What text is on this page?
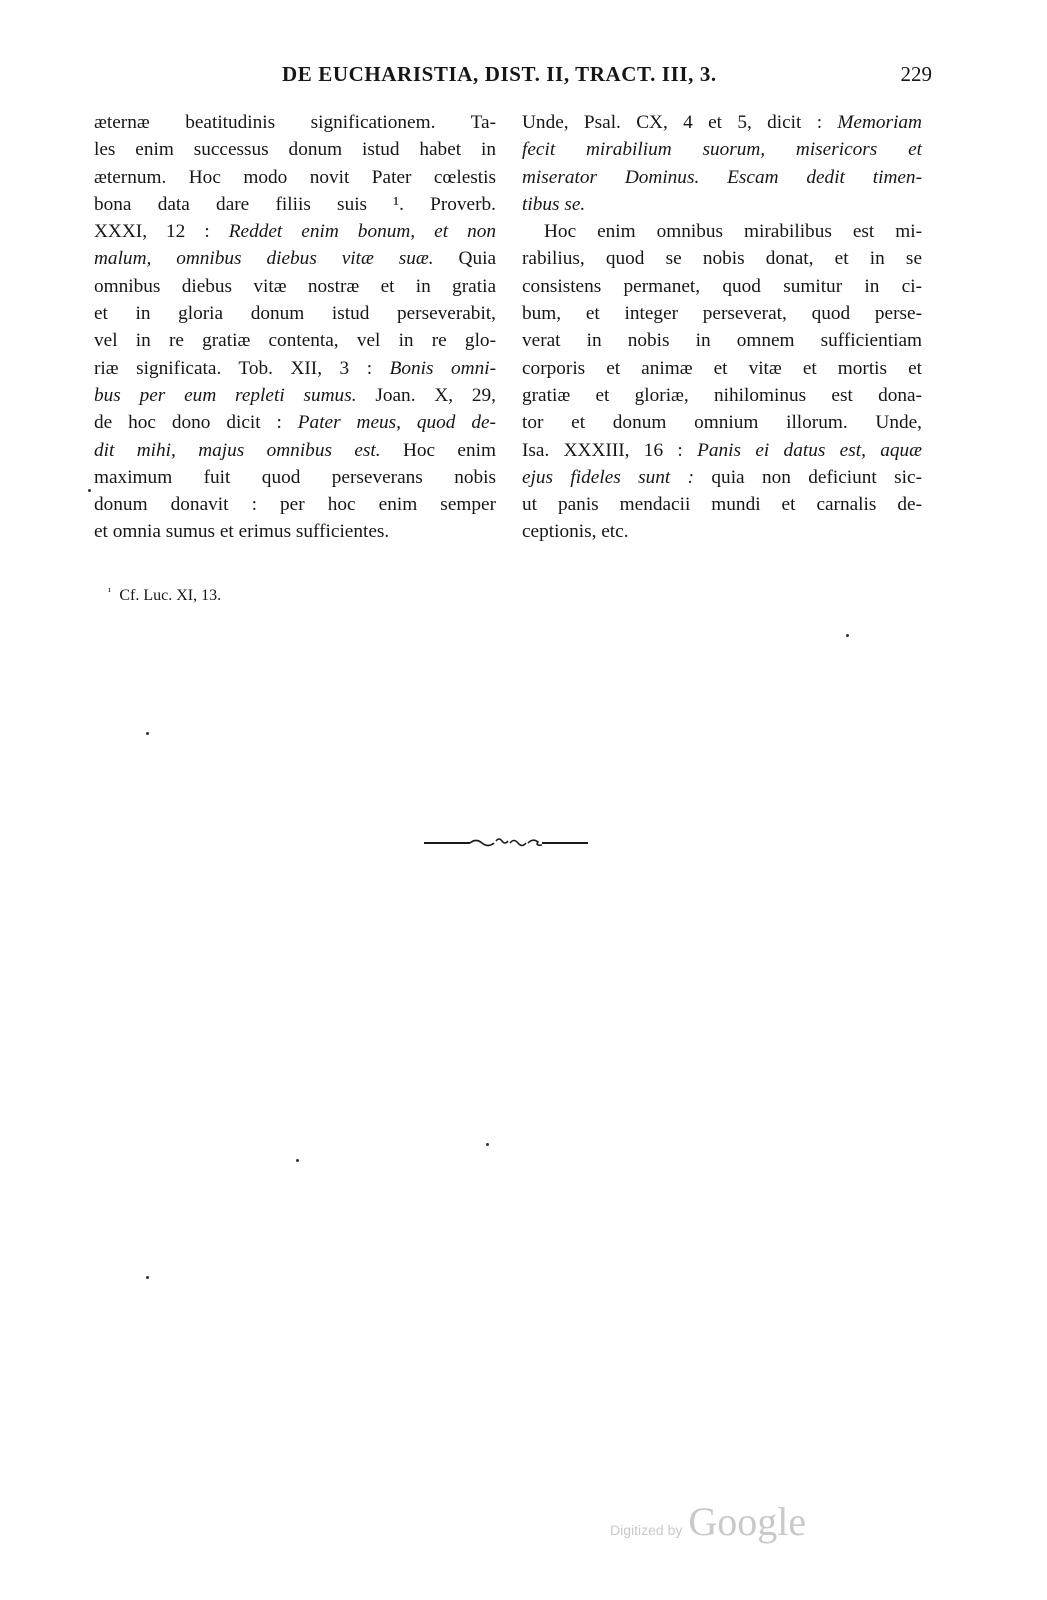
DE EUCHARISTIA, DIST. II, TRACT. III, 3.	229
æternæ beatitudinis significationem. Ta-
les enim successus donum istud habet in
æternum. Hoc modo novit Pater cœlestis
bona data dare filiis suis ¹. Proverb.
XXXI, 12 : Reddet enim bonum, et non
malum, omnibus diebus vitæ suæ. Quia
omnibus diebus vitæ nostræ et in gratia
et in gloria donum istud perseverabit,
vel in re gratiæ contenta, vel in re glo-
riæ significata. Tob. XII, 3 : Bonis omni-
bus per eum repleti sumus. Joan. X, 29,
de hoc dono dicit : Pater meus, quod de-
dit mihi, majus omnibus est. Hoc enim
maximum fuit quod perseverans nobis
donum donavit : per hoc enim semper
et omnia sumus et erimus sufficientes.
Unde, Psal. CX, 4 et 5, dicit : Memoriam
fecit mirabilium suorum, misericors et
miserator Dominus. Escam dedit timen-
tibus se.
Hoc enim omnibus mirabilibus est mi-
rabilius, quod se nobis donat, et in se
consistens permanet, quod sumitur in ci-
bum, et integer perseverat, quod perse-
verat in nobis in omnem sufficientiam
corporis et animæ et vitæ et mortis et
gratiæ et gloriæ, nihilominus est dona-
tor et donum omnium illorum. Unde,
Isa. XXXIII, 16 : Panis ei datus est, aquæ
ejus fideles sunt : quia non deficiunt sic-
ut panis mendacii mundi et carnalis de-
ceptionis, etc.
$^{^1}$ Cf. Luc. XI, 13.
Digitized by Google
